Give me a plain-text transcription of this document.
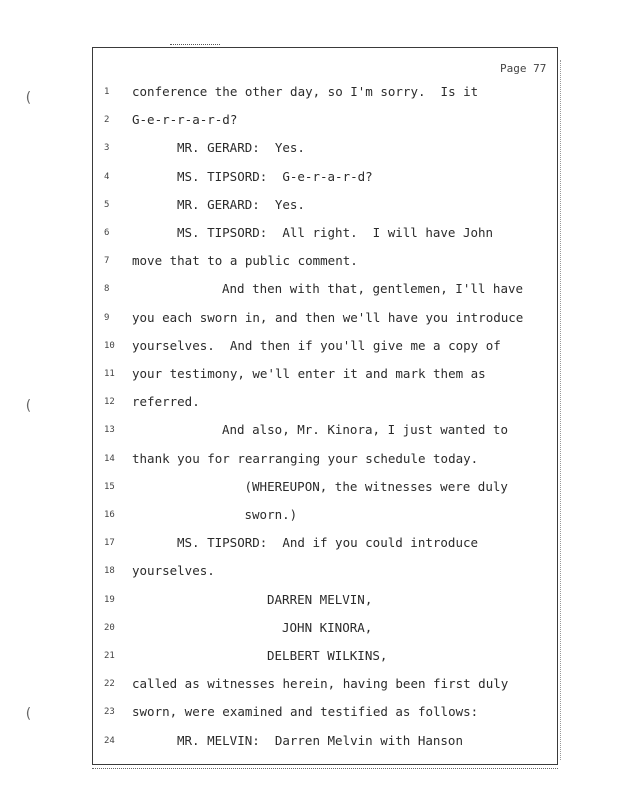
(
(
(
Page 77
1 conference the other day, so I'm sorry.  Is it
2 G-e-r-r-a-r-d?
3	MR. GERARD:  Yes.
4	MS. TIPSORD:  G-e-r-a-r-d?
5	MR. GERARD:  Yes.
6	MS. TIPSORD:  All right.  I will have John
7 move that to a public comment.
8	And then with that, gentlemen, I'll have
9 you each sworn in, and then we'll have you introduce
10 yourselves.  And then if you'll give me a copy of
11 your testimony, we'll enter it and mark them as
12 referred.
13	And also, Mr. Kinora, I just wanted to
14 thank you for rearranging your schedule today.
15	(WHEREUPON, the witnesses were duly
16	sworn.)
17	MS. TIPSORD:  And if you could introduce
18 yourselves.
19	DARREN MELVIN,
20	JOHN KINORA,
21	DELBERT WILKINS,
22 called as witnesses herein, having been first duly
23 sworn, were examined and testified as follows:
24	MR. MELVIN:  Darren Melvin with Hanson
